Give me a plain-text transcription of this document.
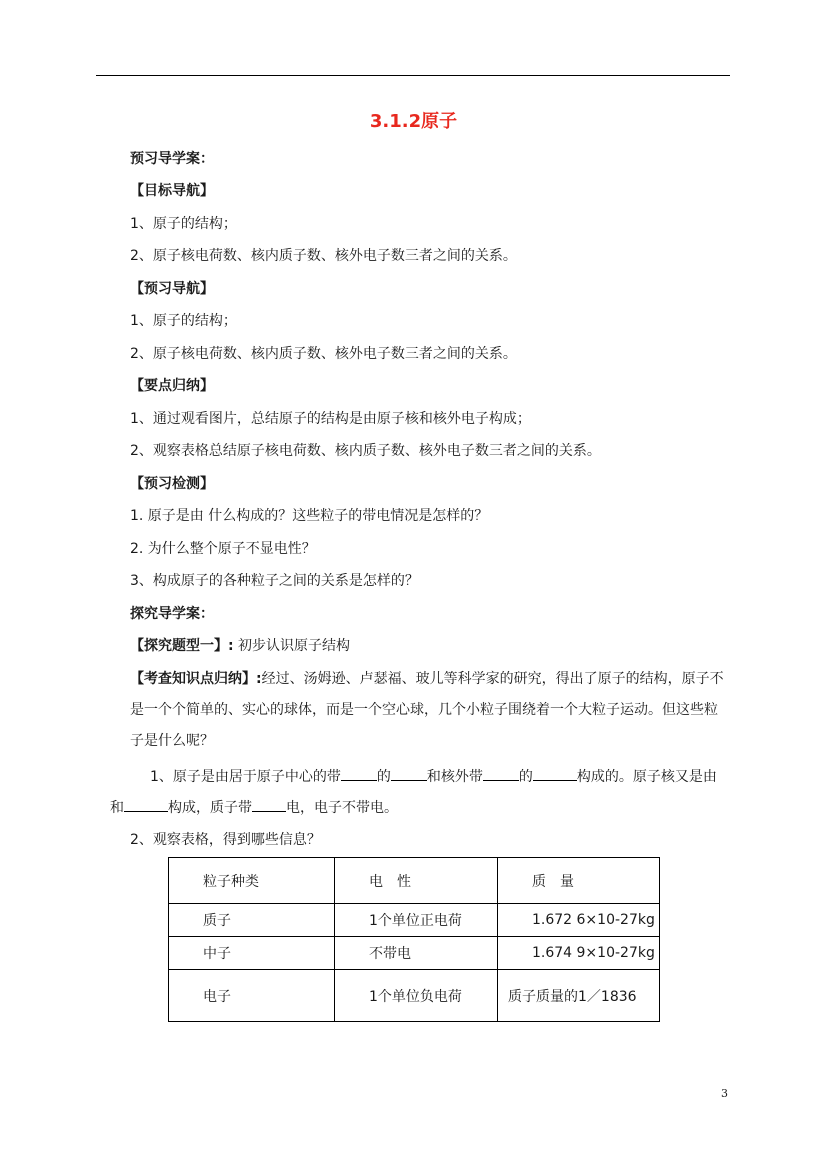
3.1.2原子
预习导学案：
【目标导航】
1、原子的结构；
2、原子核电荷数、核内质子数、核外电子数三者之间的关系。
【预习导航】
1、原子的结构；
2、原子核电荷数、核内质子数、核外电子数三者之间的关系。
【要点归纳】
1、通过观看图片，总结原子的结构是由原子核和核外电子构成；
2、观察表格总结原子核电荷数、核内质子数、核外电子数三者之间的关系。
【预习检测】
1. 原子是由 什么构成的？这些粒子的带电情况是怎样的？
2. 为什么整个原子不显电性？
3、构成原子的各种粒子之间的关系是怎样的？
探究导学案：
【探究题型一】: 初步认识原子结构
【考查知识点归纳】:经过、汤姆逊、卢瑟福、玻儿等科学家的研究，得出了原子的结构，原子不是一个个简单的、实心的球体，而是一个空心球，几个小粒子围绕着一个大粒子运动。但这些粒子是什么呢？
1、原子是由居于原子中心的带	的	和核外带	的	构成的。原子核又是由
和	构成，质子带 电，电子不带电。
2、观察表格，得到哪些信息？
粒子种类	电　性	质　量
质子	1个单位正电荷	1.672 6×10-27kg
中子	不带电	1.674 9×10-27kg
电子	1个单位负电荷	质子质量的1／1836
3
